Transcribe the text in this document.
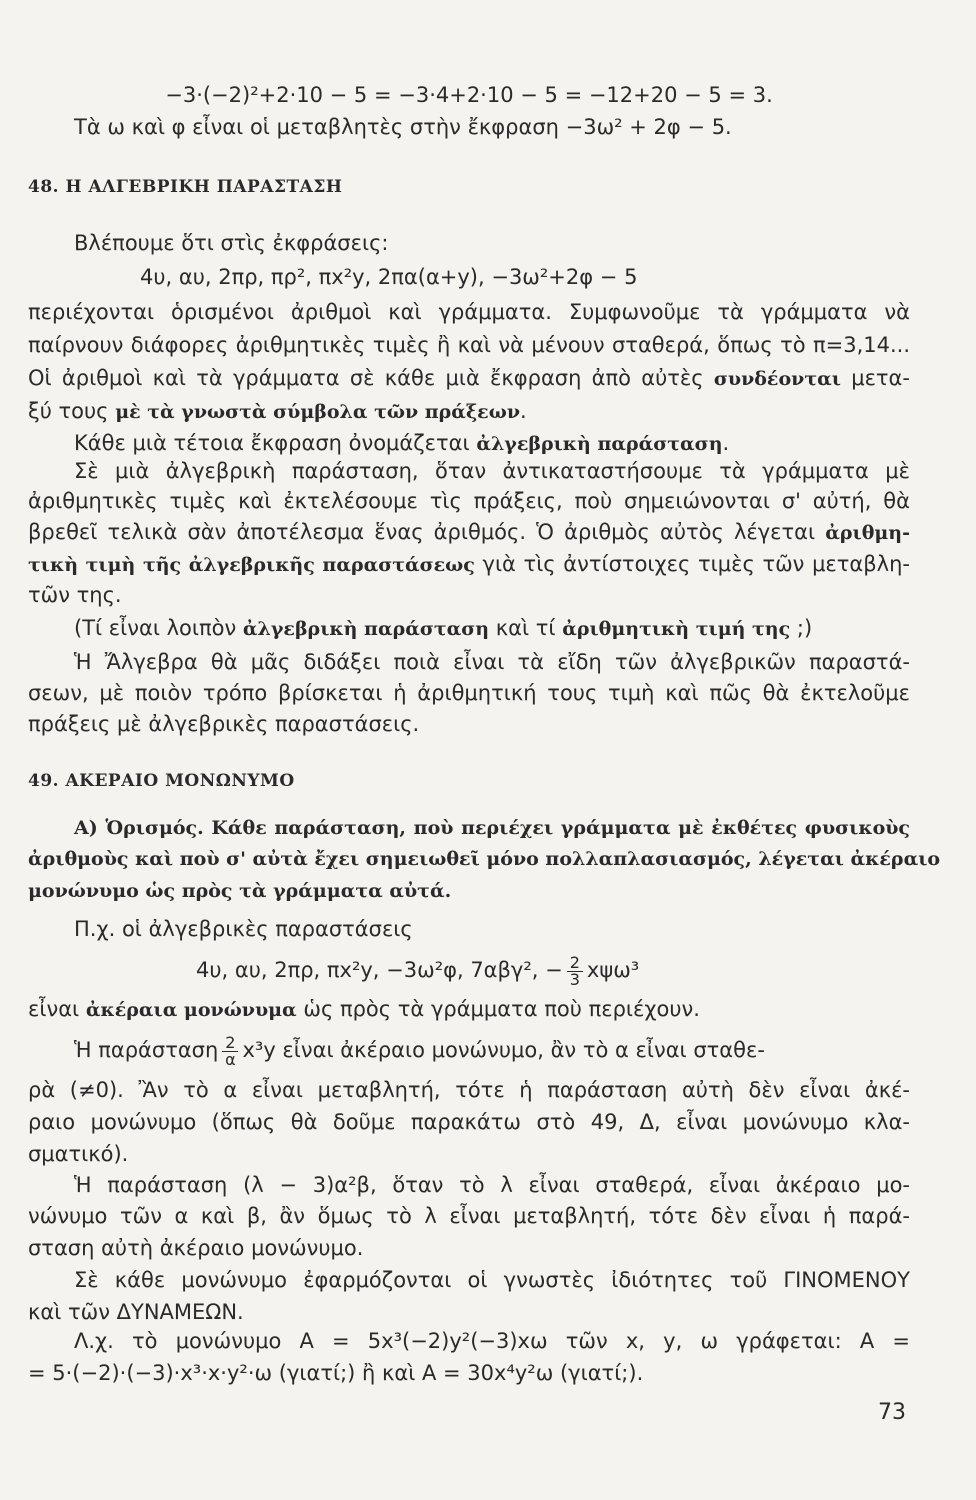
−3·(−2)²+2·10 − 5 = −3·4+2·10 − 5 = −12+20 − 5 = 3.
Τὰ ω καὶ φ εἶναι οἱ μεταβλητὲς στὴν ἔκφραση −3ω² + 2φ − 5.
48. Η ΑΛΓΕΒΡΙΚΗ ΠΑΡΑΣΤΑΣΗ
Βλέπουμε ὅτι στὶς ἐκφράσεις:
4υ, αυ, 2πρ, πρ², πx²y, 2πα(α+y), −3ω²+2φ − 5
περιέχονται ὁρισμένοι ἀριθμοὶ καὶ γράμματα. Συμφωνοῦμε τὰ γράμματα νὰ
παίρνουν διάφορες ἀριθμητικὲς τιμὲς ἢ καὶ νὰ μένουν σταθερά, ὅπως τὸ π=3,14...
Οἱ ἀριθμοὶ καὶ τὰ γράμματα σὲ κάθε μιὰ ἔκφραση ἀπὸ αὐτὲς συνδέονται μετα-
ξύ τους μὲ τὰ γνωστὰ σύμβολα τῶν πράξεων.
Κάθε μιὰ τέτοια ἔκφραση ὀνομάζεται ἀλγεβρικὴ παράσταση.
Σὲ μιὰ ἀλγεβρικὴ παράσταση, ὅταν ἀντικαταστήσουμε τὰ γράμματα μὲ
ἀριθμητικὲς τιμὲς καὶ ἐκτελέσουμε τὶς πράξεις, ποὺ σημειώνονται σ' αὐτή, θὰ
βρεθεῖ τελικὰ σὰν ἀποτέλεσμα ἕνας ἀριθμός. Ὁ ἀριθμὸς αὐτὸς λέγεται ἀριθμη-
τικὴ τιμὴ τῆς ἀλγεβρικῆς παραστάσεως γιὰ τὶς ἀντίστοιχες τιμὲς τῶν μεταβλη-
τῶν της.
(Τί εἶναι λοιπὸν ἀλγεβρικὴ παράσταση καὶ τί ἀριθμητικὴ τιμή της ;)
Ἡ Ἄλγεβρα θὰ μᾶς διδάξει ποιὰ εἶναι τὰ εἴδη τῶν ἀλγεβρικῶν παραστά-
σεων, μὲ ποιὸν τρόπο βρίσκεται ἡ ἀριθμητική τους τιμὴ καὶ πῶς θὰ ἐκτελοῦμε
πράξεις μὲ ἀλγεβρικὲς παραστάσεις.
49. ΑΚΕΡΑΙΟ ΜΟΝΩΝΥΜΟ
Α) Ὁρισμός. Κάθε παράσταση, ποὺ περιέχει γράμματα μὲ ἐκθέτες φυσικοὺς
ἀριθμοὺς καὶ ποὺ σ' αὐτὰ ἔχει σημειωθεῖ μόνο πολλαπλασιασμός, λέγεται ἀκέραιο
μονώνυμο ὡς πρὸς τὰ γράμματα αὐτά.
Π.χ. οἱ ἀλγεβρικὲς παραστάσεις
4υ, αυ, 2πρ, πx²y, −3ω²φ, 7αβγ², − $\frac{2}{3} x\psi\omega^3$
εἶναι ἀκέραια μονώνυμα ὡς πρὸς τὰ γράμματα ποὺ περιέχουν.
Ἡ παράσταση $\frac{2}{\alpha} x^3y$ εἶναι ἀκέραιο μονώνυμο, ἂν τὸ α εἶναι σταθε-
ρὰ (≠0). Ἂν τὸ α εἶναι μεταβλητή, τότε ἡ παράσταση αὐτὴ δὲν εἶναι ἀκέ-
ραιο μονώνυμο (ὅπως θὰ δοῦμε παρακάτω στὸ 49, Δ, εἶναι μονώνυμο κλα-
σματικό).
Ἡ παράσταση (λ − 3)α²β, ὅταν τὸ λ εἶναι σταθερά, εἶναι ἀκέραιο μο-
νώνυμο τῶν α καὶ β, ἂν ὅμως τὸ λ εἶναι μεταβλητή, τότε δὲν εἶναι ἡ παρά-
σταση αὐτὴ ἀκέραιο μονώνυμο.
Σὲ κάθε μονώνυμο ἐφαρμόζονται οἱ γνωστὲς ἰδιότητες τοῦ ΓΙΝΟΜΕΝΟΥ
καὶ τῶν ΔΥΝΑΜΕΩΝ.
Λ.χ. τὸ μονώνυμο Α = 5x³(−2)y²(−3)xω τῶν x, y, ω γράφεται: Α =
= 5·(−2)·(−3)·x³·x·y²·ω (γιατί;) ἢ καὶ Α = 30x⁴y²ω (γιατί;).
73
